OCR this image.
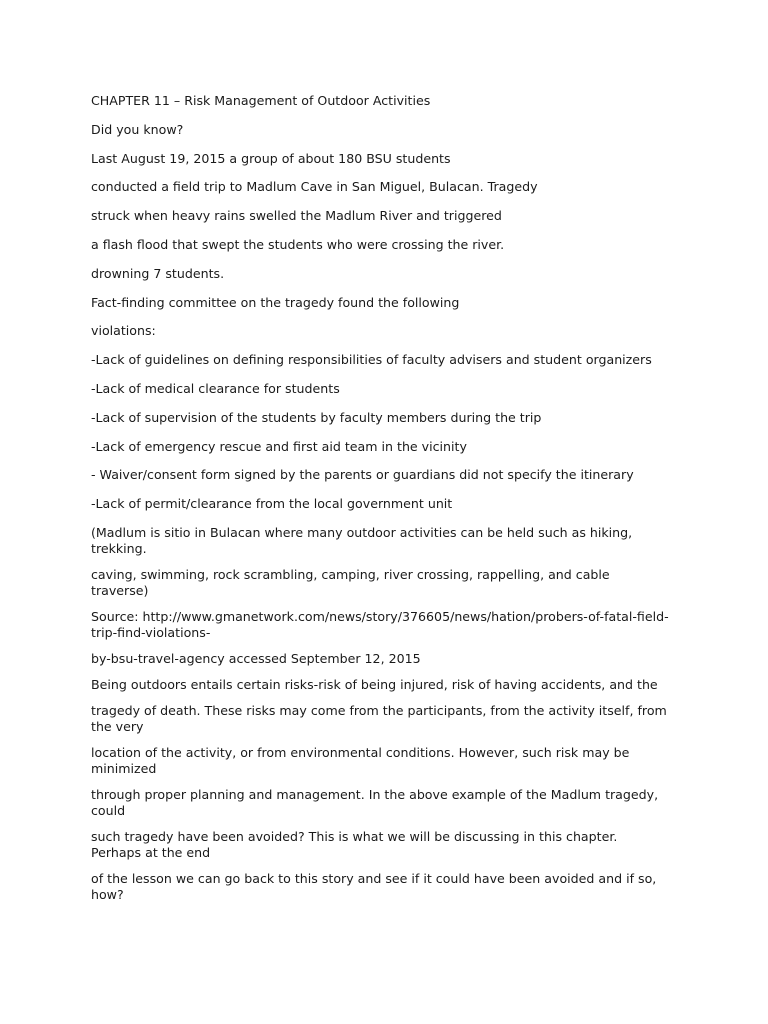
CHAPTER 11 – Risk Management of Outdoor Activities

Did you know?

Last August 19, 2015 a group of about 180 BSU students

conducted a field trip to Madlum Cave in San Miguel, Bulacan. Tragedy

struck when heavy rains swelled the Madlum River and triggered

a flash flood that swept the students who were crossing the river.

drowning 7 students.

Fact-finding committee on the tragedy found the following

violations:

-Lack of guidelines on defining responsibilities of faculty advisers and student organizers

-Lack of medical clearance for students

-Lack of supervision of the students by faculty members during the trip

-Lack of emergency rescue and first aid team in the vicinity

- Waiver/consent form signed by the parents or guardians did not specify the itinerary

-Lack of permit/clearance from the local government unit

(Madlum is sitio in Bulacan where many outdoor activities can be held such as hiking, trekking.

caving, swimming, rock scrambling, camping, river crossing, rappelling, and cable traverse)

Source: http://www.gmanetwork.com/news/story/376605/news/hation/probers-of-fatal-field-trip-find-violations-

by-bsu-travel-agency accessed September 12, 2015

Being outdoors entails certain risks-risk of being injured, risk of having accidents, and the

tragedy of death. These risks may come from the participants, from the activity itself, from the very

location of the activity, or from environmental conditions. However, such risk may be minimized

through proper planning and management. In the above example of the Madlum tragedy, could

such tragedy have been avoided? This is what we will be discussing in this chapter. Perhaps at the end

of the lesson we can go back to this story and see if it could have been avoided and if so, how?
